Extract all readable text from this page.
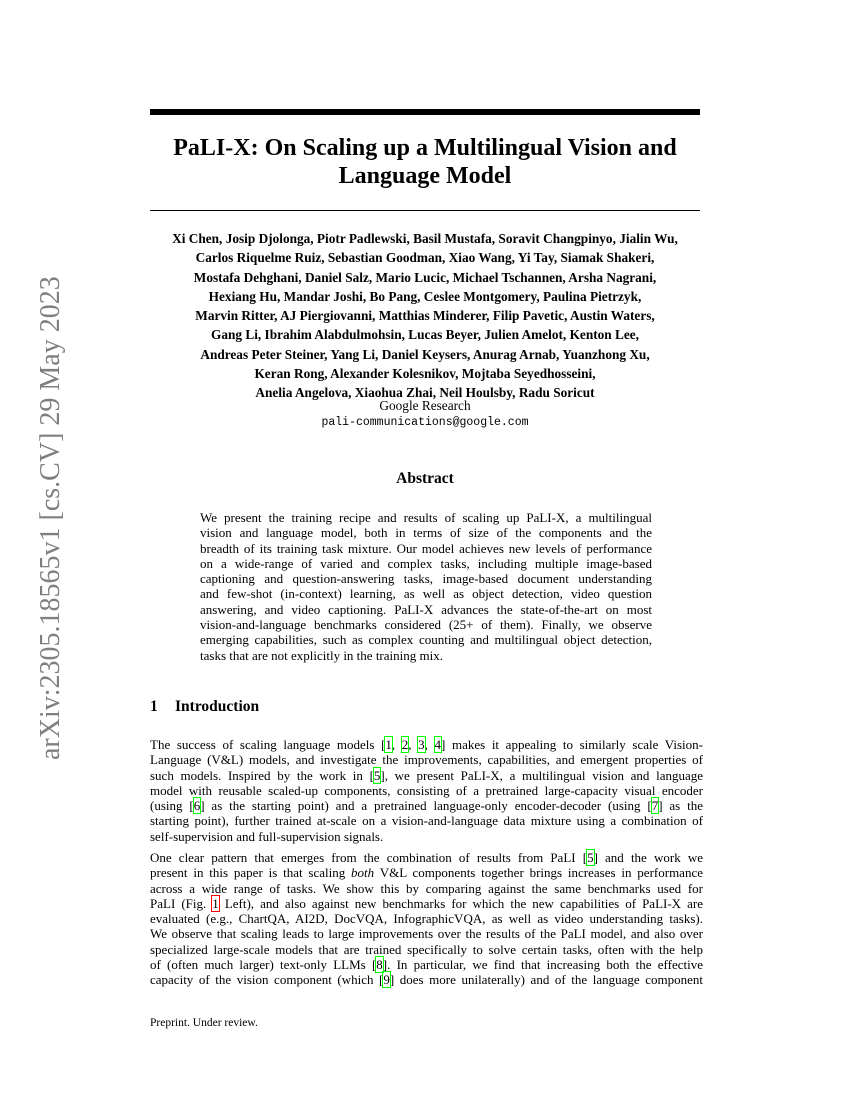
arXiv:2305.18565v1 [cs.CV] 29 May 2023
PaLI-X: On Scaling up a Multilingual Vision and
Language Model
Xi Chen, Josip Djolonga, Piotr Padlewski, Basil Mustafa, Soravit Changpinyo, Jialin Wu,
Carlos Riquelme Ruiz, Sebastian Goodman, Xiao Wang, Yi Tay, Siamak Shakeri,
Mostafa Dehghani, Daniel Salz, Mario Lucic, Michael Tschannen, Arsha Nagrani,
Hexiang Hu, Mandar Joshi, Bo Pang, Ceslee Montgomery, Paulina Pietrzyk,
Marvin Ritter, AJ Piergiovanni, Matthias Minderer, Filip Pavetic, Austin Waters,
Gang Li, Ibrahim Alabdulmohsin, Lucas Beyer, Julien Amelot, Kenton Lee,
Andreas Peter Steiner, Yang Li, Daniel Keysers, Anurag Arnab, Yuanzhong Xu,
Keran Rong, Alexander Kolesnikov, Mojtaba Seyedhosseini,
Anelia Angelova, Xiaohua Zhai, Neil Houlsby, Radu Soricut
Google Research
pali-communications@google.com
Abstract
We present the training recipe and results of scaling up PaLI-X, a multilingual
vision and language model, both in terms of size of the components and the
breadth of its training task mixture. Our model achieves new levels of performance
on a wide-range of varied and complex tasks, including multiple image-based
captioning and question-answering tasks, image-based document understanding
and few-shot (in-context) learning, as well as object detection, video question
answering, and video captioning. PaLI-X advances the state-of-the-art on most
vision-and-language benchmarks considered (25+ of them). Finally, we observe
emerging capabilities, such as complex counting and multilingual object detection,
tasks that are not explicitly in the training mix.
1 Introduction
The success of scaling language models [1, 2, 3, 4] makes it appealing to similarly scale Vision-
Language (V&L) models, and investigate the improvements, capabilities, and emergent properties of
such models. Inspired by the work in [5], we present PaLI-X, a multilingual vision and language
model with reusable scaled-up components, consisting of a pretrained large-capacity visual encoder
(using [6] as the starting point) and a pretrained language-only encoder-decoder (using [7] as the
starting point), further trained at-scale on a vision-and-language data mixture using a combination of
self-supervision and full-supervision signals.
One clear pattern that emerges from the combination of results from PaLI [5] and the work we
present in this paper is that scaling both V&L components together brings increases in performance
across a wide range of tasks. We show this by comparing against the same benchmarks used for
PaLI (Fig. 1 Left), and also against new benchmarks for which the new capabilities of PaLI-X are
evaluated (e.g., ChartQA, AI2D, DocVQA, InfographicVQA, as well as video understanding tasks).
We observe that scaling leads to large improvements over the results of the PaLI model, and also over
specialized large-scale models that are trained specifically to solve certain tasks, often with the help
of (often much larger) text-only LLMs [8]. In particular, we find that increasing both the effective
capacity of the vision component (which [9] does more unilaterally) and of the language component
Preprint. Under review.
